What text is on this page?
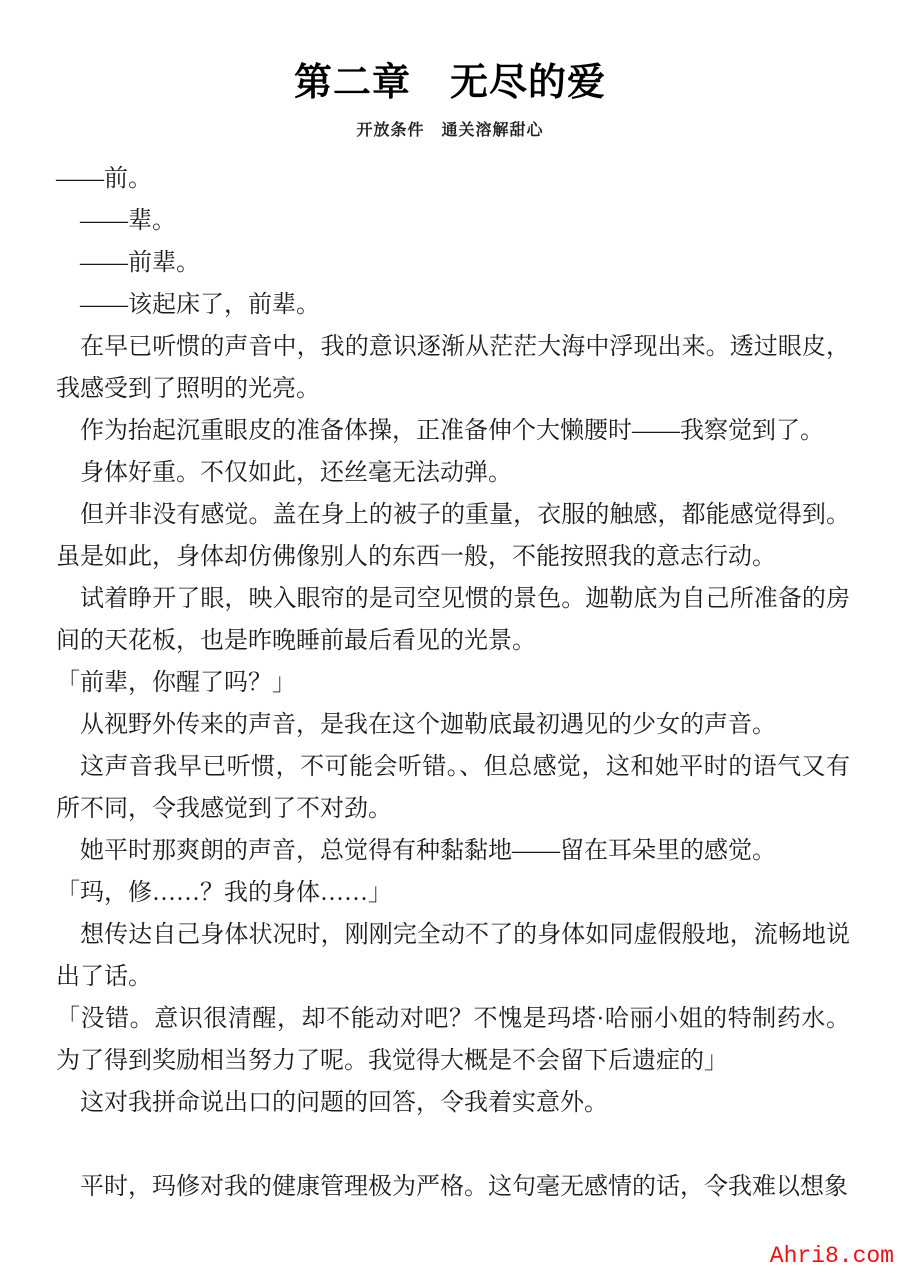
第二章　无尽的爱
开放条件　通关溶解甜心

——前。

——辈。

——前辈。

——该起床了，前辈。

在早已听惯的声音中，我的意识逐渐从茫茫大海中浮现出来。透过眼皮，我感受到了照明的光亮。

作为抬起沉重眼皮的准备体操，正准备伸个大懒腰时——我察觉到了。

身体好重。不仅如此，还丝毫无法动弹。

但并非没有感觉。盖在身上的被子的重量，衣服的触感，都能感觉得到。虽是如此，身体却仿佛像别人的东西一般，不能按照我的意志行动。

试着睁开了眼，映入眼帘的是司空见惯的景色。迦勒底为自己所准备的房间的天花板，也是昨晚睡前最后看见的光景。

「前辈，你醒了吗？」

从视野外传来的声音，是我在这个迦勒底最初遇见的少女的声音。

这声音我早已听惯，不可能会听错。、但总感觉，这和她平时的语气又有所不同，令我感觉到了不对劲。

她平时那爽朗的声音，总觉得有种黏黏地——留在耳朵里的感觉。

「玛，修……？我的身体……」

想传达自己身体状况时，刚刚完全动不了的身体如同虚假般地，流畅地说出了话。

「没错。意识很清醒，却不能动对吧？不愧是玛塔·哈丽小姐的特制药水。为了得到奖励相当努力了呢。我觉得大概是不会留下后遗症的」

这对我拼命说出口的问题的回答，令我着实意外。

平时，玛修对我的健康管理极为严格。这句毫无感情的话，令我难以想象

Ahri8.com
